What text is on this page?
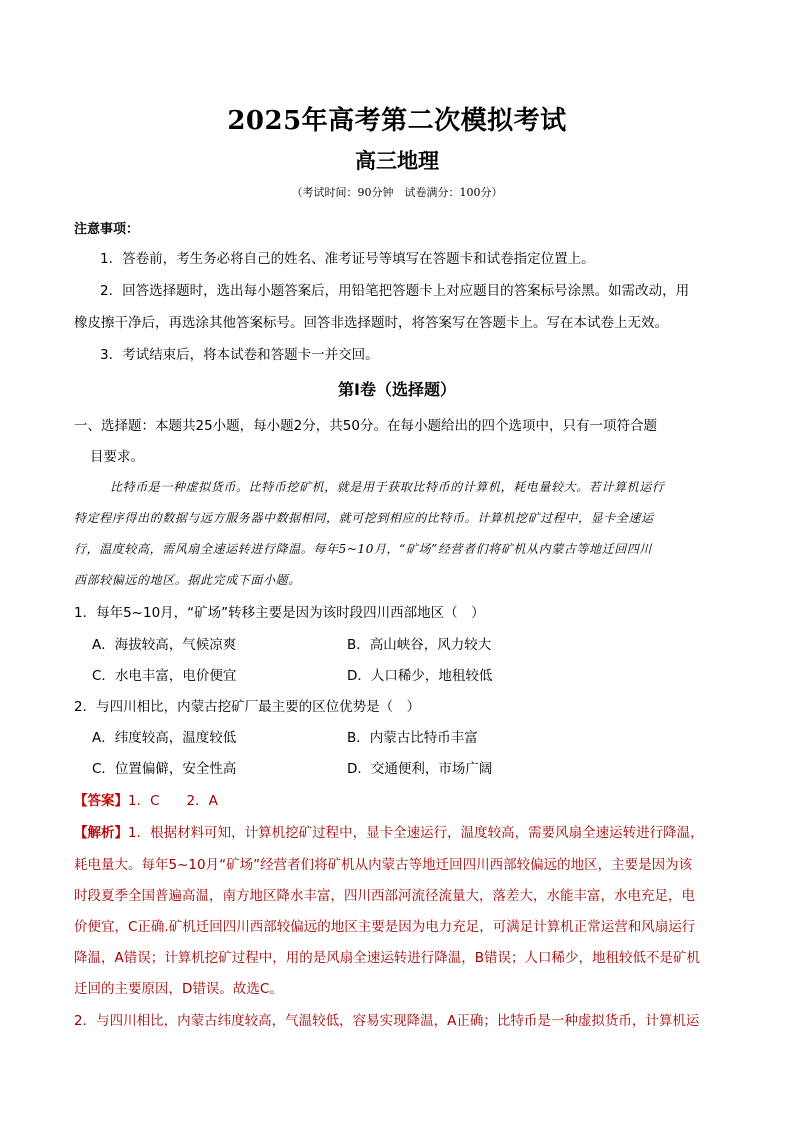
2025年高考第二次模拟考试
高三地理
（考试时间：90分钟　试卷满分：100分）
注意事项：
1．答卷前，考生务必将自己的姓名、准考证号等填写在答题卡和试卷指定位置上。
2．回答选择题时，选出每小题答案后，用铅笔把答题卡上对应题目的答案标号涂黑。如需改动，用
橡皮擦干净后，再选涂其他答案标号。回答非选择题时，将答案写在答题卡上。写在本试卷上无效。
3．考试结束后，将本试卷和答题卡一并交回。
第Ⅰ卷（选择题）
一、选择题：本题共25小题，每小题2分，共50分。在每小题给出的四个选项中，只有一项符合题
目要求。
比特币是一种虚拟货币。比特币挖矿机，就是用于获取比特币的计算机，耗电量较大。若计算机运行
特定程序得出的数据与远方服务器中数据相同，就可挖到相应的比特币。计算机挖矿过程中，显卡全速运
行，温度较高，需风扇全速运转进行降温。每年5~10月，“矿场”经营者们将矿机从内蒙古等地迁回四川
西部较偏远的地区。据此完成下面小题。
1．每年5~10月，“矿场”转移主要是因为该时段四川西部地区（　）
A．海拔较高，气候凉爽	B．高山峡谷，风力较大
C．水电丰富，电价便宜	D．人口稀少，地租较低
2．与四川相比，内蒙古挖矿厂最主要的区位优势是（　）
A．纬度较高，温度较低	B．内蒙古比特币丰富
C．位置偏僻，安全性高	D．交通便利，市场广阔
【答案】1．C　　2．A
【解析】1．根据材料可知，计算机挖矿过程中，显卡全速运行，温度较高，需要风扇全速运转进行降温，
耗电量大。每年5~10月“矿场”经营者们将矿机从内蒙古等地迁回四川西部较偏远的地区，主要是因为该
时段夏季全国普遍高温，南方地区降水丰富，四川西部河流径流量大，落差大，水能丰富，水电充足，电
价便宜，C正确.矿机迁回四川西部较偏远的地区主要是因为电力充足，可满足计算机正常运营和风扇运行
降温，A错误；计算机挖矿过程中，用的是风扇全速运转进行降温，B错误；人口稀少，地租较低不是矿机
迁回的主要原因，D错误。故选C。
2．与四川相比，内蒙古纬度较高，气温较低，容易实现降温，A正确；比特币是一种虚拟货币，计算机运
